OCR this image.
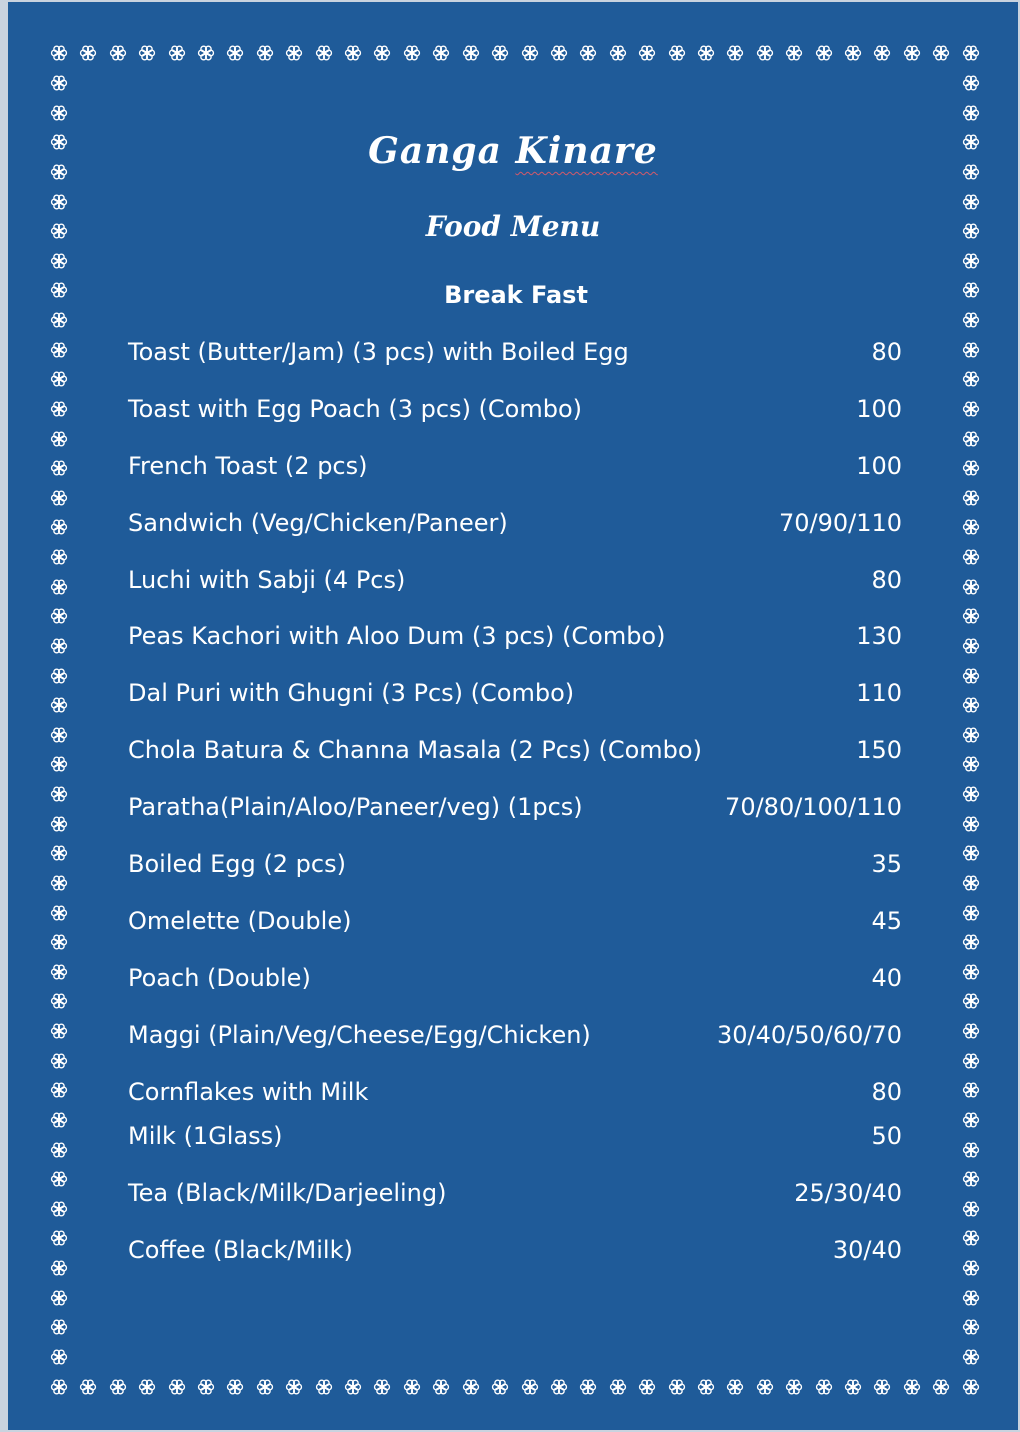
Ganga Kinare
Food Menu
Break Fast
Toast (Butter/Jam) (3 pcs) with Boiled Egg	80
Toast with Egg Poach (3 pcs) (Combo)	100
French Toast (2 pcs)	100
Sandwich (Veg/Chicken/Paneer)	70/90/110
Luchi with Sabji (4 Pcs)	80
Peas Kachori with Aloo Dum (3 pcs) (Combo)	130
Dal Puri with Ghugni (3 Pcs) (Combo)	110
Chola Batura & Channa Masala (2 Pcs) (Combo)	150
Paratha(Plain/Aloo/Paneer/veg) (1pcs)	70/80/100/110
Boiled Egg (2 pcs)	35
Omelette (Double)	45
Poach (Double)	40
Maggi (Plain/Veg/Cheese/Egg/Chicken)	30/40/50/60/70
Cornflakes with Milk	80
Milk (1Glass)	50
Tea (Black/Milk/Darjeeling)	25/30/40
Coffee (Black/Milk)	30/40
